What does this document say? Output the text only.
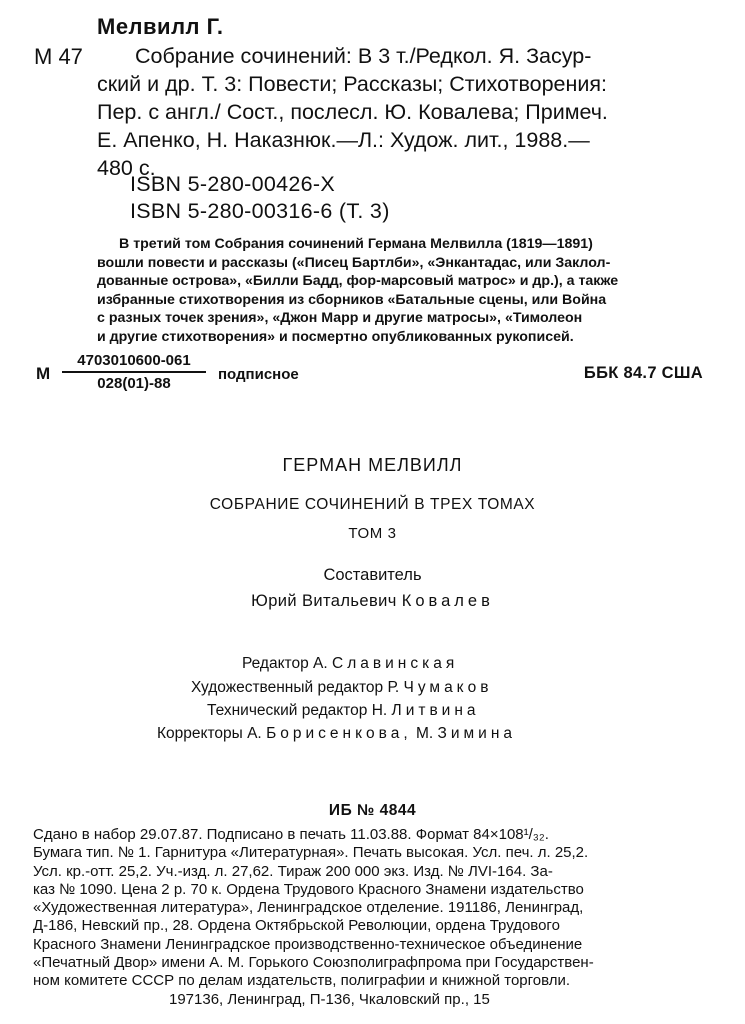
Мелвилл Г.
М 47	Собрание сочинений: В 3 т./Редкол. Я. Засур-
ский и др. Т. 3: Повести; Рассказы; Стихотворения:
Пер. с англ./ Сост., послесл. Ю. Ковалева; Примеч.
Е. Апенко, Н. Наказнюк.—Л.: Худож. лит., 1988.—
480 с.
ISBN 5-280-00426-X
ISBN 5-280-00316-6 (Т. 3)
В третий том Собрания сочинений Германа Мелвилла (1819—1891)
вошли повести и рассказы («Писец Бартлби», «Энкантадас, или Заклол-
дованные острова», «Билли Бадд, фор-марсовый матрос» и др.), а также
избранные стихотворения из сборников «Батальные сцены, или Война
с разных точек зрения», «Джон Марр и другие матросы», «Тимолеон
и другие стихотворения» и посмертно опубликованных рукописей.
М
4703010600-061
028(01)-88	подписное	ББК 84.7 США
ГЕРМАН МЕЛВИЛЛ
СОБРАНИЕ СОЧИНЕНИЙ В ТРЕХ ТОМАХ
ТОМ 3
Составитель
Юрий Витальевич Ковалев
Редактор А. Славинская
Художественный редактор Р. Чумаков
Технический редактор Н. Литвина
Корректоры А. Борисенкова, М. Зимина
ИБ № 4844
Сдано в набор 29.07.87. Подписано в печать 11.03.88. Формат 84×108¹/₃₂.
Бумага тип. № 1. Гарнитура «Литературная». Печать высокая. Усл. печ. л. 25,2.
Усл. кр.-отт. 25,2. Уч.-изд. л. 27,62. Тираж 200 000 экз. Изд. № ЛVI-164. За-
каз № 1090. Цена 2 р. 70 к. Ордена Трудового Красного Знамени издательство
«Художественная литература», Ленинградское отделение. 191186, Ленинград,
Д-186, Невский пр., 28. Ордена Октябрьской Революции, ордена Трудового
Красного Знамени Ленинградское производственно-техническое объединение
«Печатный Двор» имени А. М. Горького Союзполиграфпрома при Государствен-
ном комитете СССР по делам издательств, полиграфии и книжной торговли.
197136, Ленинград, П-136, Чкаловский пр., 15
